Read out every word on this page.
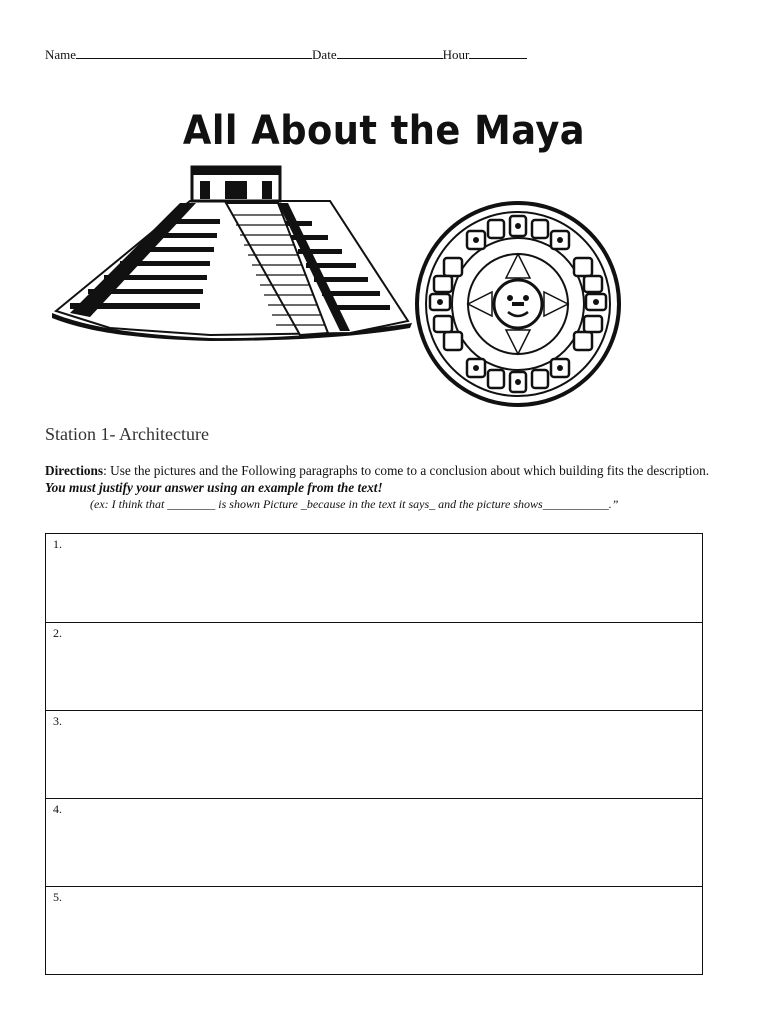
Name	Date	Hour
All About the Maya
Station 1- Architecture
Directions: Use the pictures and the Following paragraphs to come to a conclusion about which building fits the description. You must justify your answer using an example from the text!
(ex: I think that ________ is shown Picture _because in the text it says_ and the picture shows___________.”
1.
2.
3.
4.
5.
